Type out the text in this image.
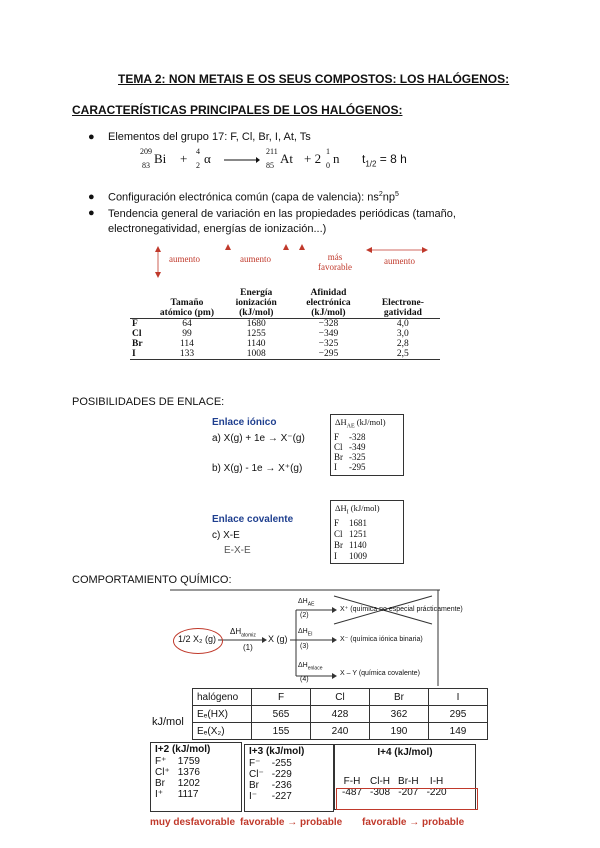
TEMA 2: NON METAIS E OS SEUS COMPOSTOS: LOS HALÓGENOS:
CARACTERÍSTICAS PRINCIPALES DE LOS HALÓGENOS:
● Elementos del grupo 17: F, Cl, Br, I, At, Ts
209
83 Bi + 4
2 α →
211
85 At + 2 1
0 n $t_{1/2} = 8$ h
● Configuración electrónica común (capa de valencia): $ns^2np^5$
● Tendencia general de variación en las propiedades periódicas (tamaño, electronegatividad, energías de ionización...)
aumento	aumento	más favorable
aumento
	Tamaño atómico (pm)	Energía ionización (kJ/mol)	Afinidad electrónica (kJ/mol)	Electrone- gatividad
F	64	1680	−328	4,0
Cl	99	1255	−349	3,0
Br	114	1140	−325	2,8
I	133	1008	−295	2,5
POSIBILIDADES DE ENLACE:
Enlace iónico
a) X(g) + 1e → X⁻(g)
b) X(g) - 1e → X⁺(g)
$\Delta H_{AE}$ (kJ/mol)
F	-328
Cl	-349
Br	-325
I	-295
Enlace covalente
c) X-E
E-X-E
$\Delta H_I$ (kJ/mol)
F	1681
Cl	1251
Br	1140
I	1009
COMPORTAMIENTO QUÍMICO:
1/2 X₂ (g)
$\Delta H_{atomiz}$
(1)
X (g)
$\Delta H_{AE}$
(2)
$\Delta H_{EI}$
(3)
$\Delta H_{enlace}$
(4)
X⁺ (química no especial prácticamente)
X⁻ (química iónica binaria)
X – Y (química covalente)
kJ/mol
halógeno	F	Cl	Br	I
Eₑ(HX)	565	428	362	295
Eₑ(X₂)	155	240	190	149
I+2 (kJ/mol)
F⁺	1759
Cl⁺	1376
Br	1202
I⁺	1117
I+3 (kJ/mol)
F⁻	-255
Cl⁻	-229
Br	-236
I⁻	-227
I+4 (kJ/mol)
F-H	Cl-H	Br-H	I-H
-487	-308	-207	-220
muy desfavorable favorable → probable favorable → probable
